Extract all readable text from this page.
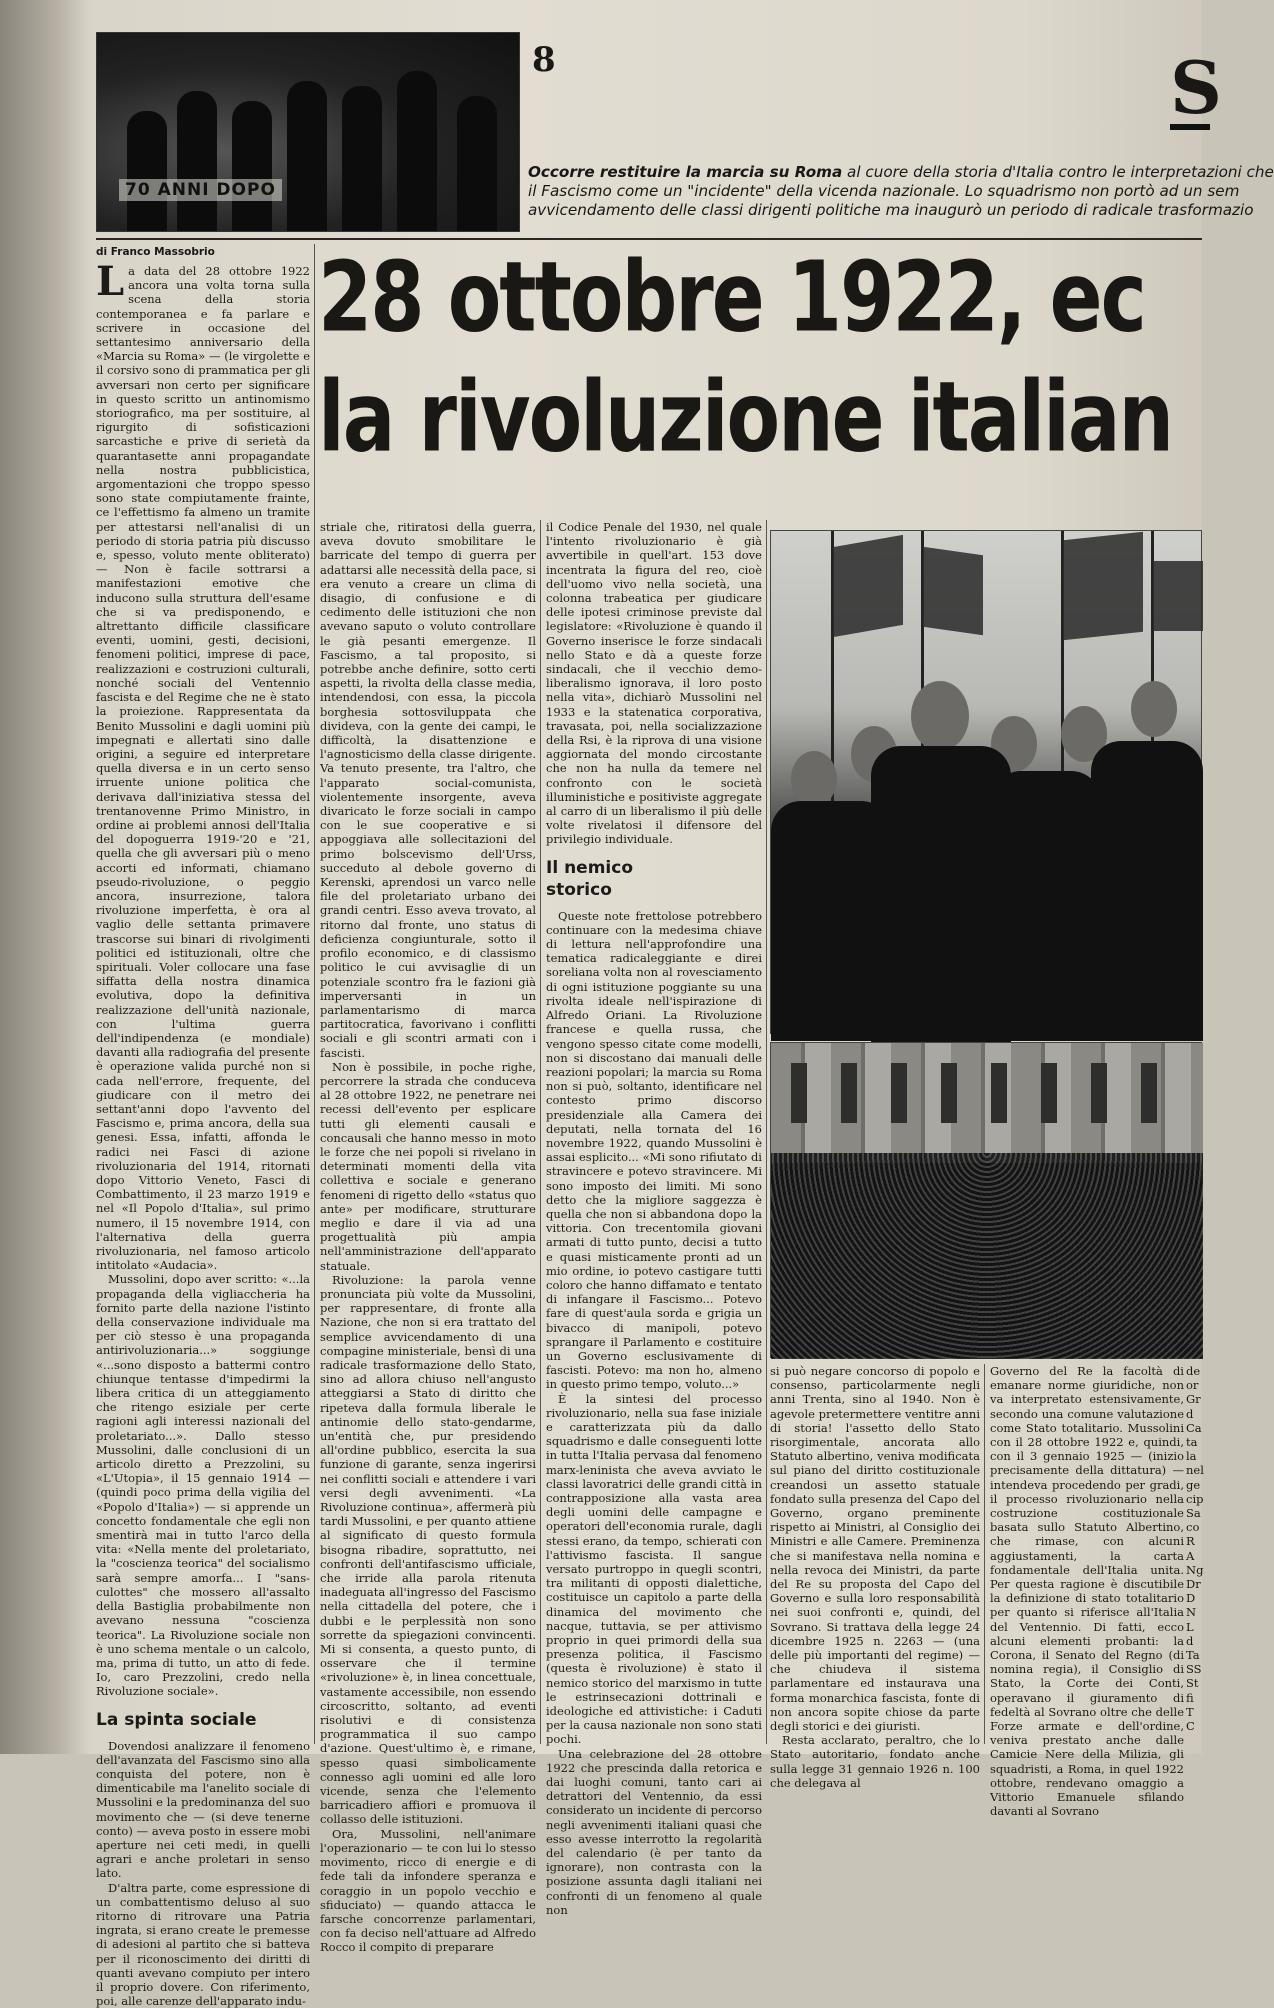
70 ANNI DOPO
8	S
Occorre restituire la marcia su Roma al cuore della storia d'Italia contro le interpretazioni che
il Fascismo come un "incidente" della vicenda nazionale. Lo squadrismo non portò ad un sem
avvicendamento delle classi dirigenti politiche ma inaugurò un periodo di radicale trasformazio
di Franco Massobrio	28 ottobre 1922, ec
la rivoluzione italian

La data del 28 ottobre 1922 ancora una volta torna sulla scena della storia contemporanea e fa parlare e scrivere in occasione del settantesimo anniversario della «Marcia su Roma» — (le virgolette e il corsivo sono di prammatica per gli avversari non certo per significare in questo scritto un antinomismo storiografico, ma per sostituire, al rigurgito di sofisticazioni sarcastiche e prive di serietà da quarantasette anni propagandate nella nostra pubblicistica, argomentazioni che troppo spesso sono state compiutamente frainte, ce l'effettismo fa almeno un tramite per attestarsi nell'analisi di un periodo di storia patria più discusso e, spesso, voluto mente obliterato) — Non è facile sottrarsi a manifestazioni emotive che inducono sulla struttura dell'esame che si va predisponendo, e altrettanto difficile classificare eventi, uomini, gesti, decisioni, fenomeni politici, imprese di pace, realizzazioni e costruzioni culturali, nonché sociali del Ventennio fascista e del Regime che ne è stato la proiezione. Rappresentata da Benito Mussolini e dagli uomini più impegnati e allertati sino dalle origini, a seguire ed interpretare quella diversa e in un certo senso irruente unione politica che derivava dall'iniziativa stessa del trentanovenne Primo Ministro, in ordine ai problemi annosi dell'Italia del dopoguerra 1919-'20 e '21, quella che gli avversari più o meno accorti ed informati, chiamano pseudo-rivoluzione, o peggio ancora, insurrezione, talora rivoluzione imperfetta, è ora al vaglio delle settanta primavere trascorse sui binari di rivolgimenti politici ed istituzionali, oltre che spirituali. Voler collocare una fase siffatta della nostra dinamica evolutiva, dopo la definitiva realizzazione dell'unità nazionale, con l'ultima guerra dell'indipendenza (e mondiale) davanti alla radiografia del presente è operazione valida purché non si cada nell'errore, frequente, del giudicare con il metro dei settant'anni dopo l'avvento del Fascismo e, prima ancora, della sua genesi. Essa, infatti, affonda le radici nei Fasci di azione rivoluzionaria del 1914, ritornati dopo Vittorio Veneto, Fasci di Combattimento, il 23 marzo 1919 e nel «Il Popolo d'Italia», sul primo numero, il 15 novembre 1914, con l'alternativa della guerra rivoluzionaria, nel famoso articolo intitolato «Audacia».

Mussolini, dopo aver scritto: «...la propaganda della vigliaccheria ha fornito parte della nazione l'istinto della conservazione individuale ma per ciò stesso è una propaganda antirivoluzionaria...» soggiunge «...sono disposto a battermi contro chiunque tentasse d'impedirmi la libera critica di un atteggiamento che ritengo esiziale per certe ragioni agli interessi nazionali del proletariato...». Dallo stesso Mussolini, dalle conclusioni di un articolo diretto a Prezzolini, su «L'Utopia», il 15 gennaio 1914 — (quindi poco prima della vigilia del «Popolo d'Italia») — si apprende un concetto fondamentale che egli non smentirà mai in tutto l'arco della vita: «Nella mente del proletariato, la "coscienza teorica" del socialismo sarà sempre amorfa... I "sans-culottes" che mossero all'assalto della Bastiglia probabilmente non avevano nessuna "coscienza teorica". La Rivoluzione sociale non è uno schema mentale o un calcolo, ma, prima di tutto, un atto di fede. Io, caro Prezzolini, credo nella Rivoluzione sociale».

La spinta sociale

Dovendosi analizzare il fenomeno dell'avanzata del Fascismo sino alla conquista del potere, non è dimenticabile ma l'anelito sociale di Mussolini e la predominanza del suo movimento che — (si deve tenerne conto) — aveva posto in essere mobi aperture nei ceti medi, in quelli agrari e anche proletari in senso lato.

D'altra parte, come espressione di un combattentismo deluso al suo ritorno di ritrovare una Patria ingrata, si erano create le premesse di adesioni al partito che si batteva per il riconoscimento dei diritti di quanti avevano compiuto per intero il proprio dovere. Con riferimento, poi, alle carenze dell'apparato indu-

striale che, ritiratosi della guerra, aveva dovuto smobilitare le barricate del tempo di guerra per adattarsi alle necessità della pace, si era venuto a creare un clima di disagio, di confusione e di cedimento delle istituzioni che non avevano saputo o voluto controllare le già pesanti emergenze. Il Fascismo, a tal proposito, si potrebbe anche definire, sotto certi aspetti, la rivolta della classe media, intendendosi, con essa, la piccola borghesia sottosviluppata che divideva, con la gente dei campi, le difficoltà, la disattenzione e l'agnosticismo della classe dirigente. Va tenuto presente, tra l'altro, che l'apparato social-comunista, violentemente insorgente, aveva divaricato le forze sociali in campo con le sue cooperative e si appoggiava alle sollecitazioni del primo bolscevismo dell'Urss, succeduto al debole governo di Kerenski, aprendosi un varco nelle file del proletariato urbano dei grandi centri. Esso aveva trovato, al ritorno dal fronte, uno status di deficienza congiunturale, sotto il profilo economico, e di classismo politico le cui avvisaglie di un potenziale scontro fra le fazioni già imperversanti in un parlamentarismo di marca partitocratica, favorivano i conflitti sociali e gli scontri armati con i fascisti.

Non è possibile, in poche righe, percorrere la strada che conduceva al 28 ottobre 1922, ne penetrare nei recessi dell'evento per esplicare tutti gli elementi causali e concausali che hanno messo in moto le forze che nei popoli si rivelano in determinati momenti della vita collettiva e sociale e generano fenomeni di rigetto dello «status quo ante» per modificare, strutturare meglio e dare il via ad una progettualità più ampia nell'amministrazione dell'apparato statuale.

Rivoluzione: la parola venne pronunciata più volte da Mussolini, per rappresentare, di fronte alla Nazione, che non si era trattato del semplice avvicendamento di una compagine ministeriale, bensì di una radicale trasformazione dello Stato, sino ad allora chiuso nell'angusto atteggiarsi a Stato di diritto che ripeteva dalla formula liberale le antinomie dello stato-gendarme, un'entità che, pur presidendo all'ordine pubblico, esercita la sua funzione di garante, senza ingerirsi nei conflitti sociali e attendere i vari versi degli avvenimenti. «La Rivoluzione continua», affermerà più tardi Mussolini, e per quanto attiene al significato di questo formula bisogna ribadire, soprattutto, nei confronti dell'antifascismo ufficiale, che irride alla parola ritenuta inadeguata all'ingresso del Fascismo nella cittadella del potere, che i dubbi e le perplessità non sono sorrette da spiegazioni convincenti. Mi si consenta, a questo punto, di osservare che il termine «rivoluzione» è, in linea concettuale, vastamente accessibile, non essendo circoscritto, soltanto, ad eventi risolutivi e di consistenza programmatica il suo campo d'azione. Quest'ultimo è, e rimane, spesso quasi simbolicamente connesso agli uomini ed alle loro vicende, senza che l'elemento barricadiero affiori e promuova il collasso delle istituzioni.

Ora, Mussolini, nell'animare l'operazionario — te con lui lo stesso movimento, ricco di energie e di fede tali da infondere speranza e coraggio in un popolo vecchio e sfiduciato) — quando attacca le farsche concorrenze parlamentari, con fa deciso nell'attuare ad Alfredo Rocco il compito di preparare

il Codice Penale del 1930, nel quale l'intento rivoluzionario è già avvertibile in quell'art. 153 dove incentrata la figura del reo, cioè dell'uomo vivo nella società, una colonna trabeatica per giudicare delle ipotesi criminose previste dal legislatore: «Rivoluzione è quando il Governo inserisce le forze sindacali nello Stato e dà a queste forze sindacali, che il vecchio demo-liberalismo ignorava, il loro posto nella vita», dichiarò Mussolini nel 1933 e la statenatica corporativa, travasata, poi, nella socializzazione della Rsi, è la riprova di una visione aggiornata del mondo circostante che non ha nulla da temere nel confronto con le società illuministiche e positiviste aggregate al carro di un liberalismo il più delle volte rivelatosi il difensore del privilegio individuale.

Il nemico
storico

Queste note frettolose potrebbero continuare con la medesima chiave di lettura nell'approfondire una tematica radicaleggiante e direi soreliana volta non al rovesciamento di ogni istituzione poggiante su una rivolta ideale nell'ispirazione di Alfredo Oriani. La Rivoluzione francese e quella russa, che vengono spesso citate come modelli, non si discostano dai manuali delle reazioni popolari; la marcia su Roma non si può, soltanto, identificare nel contesto primo discorso presidenziale alla Camera dei deputati, nella tornata del 16 novembre 1922, quando Mussolini è assai esplicito... «Mi sono rifiutato di stravincere e potevo stravincere. Mi sono imposto dei limiti. Mi sono detto che la migliore saggezza è quella che non si abbandona dopo la vittoria. Con trecentomila giovani armati di tutto punto, decisi a tutto e quasi misticamente pronti ad un mio ordine, io potevo castigare tutti coloro che hanno diffamato e tentato di infangare il Fascismo... Potevo fare di quest'aula sorda e grigia un bivacco di manipoli, potevo sprangare il Parlamento e costituire un Governo esclusivamente di fascisti. Potevo: ma non ho, almeno in questo primo tempo, voluto...»

È la sintesi del processo rivoluzionario, nella sua fase iniziale e caratterizzata più da dallo squadrismo e dalle conseguenti lotte in tutta l'Italia pervasa dal fenomeno marx-leninista che aveva avviato le classi lavoratrici delle grandi città in contrapposizione alla vasta area degli uomini delle campagne e operatori dell'economia rurale, dagli stessi erano, da tempo, schierati con l'attivismo fascista. Il sangue versato purtroppo in quegli scontri, tra militanti di opposti dialettiche, costituisce un capitolo a parte della dinamica del movimento che nacque, tuttavia, se per attivismo proprio in quei primordi della sua presenza politica, il Fascismo (questa è rivoluzione) è stato il nemico storico del marxismo in tutte le estrinsecazioni dottrinali e ideologiche ed attivistiche: i Caduti per la causa nazionale non sono stati pochi.

Una celebrazione del 28 ottobre 1922 che prescinda dalla retorica e dai luoghi comuni, tanto cari ai detrattori del Ventennio, da essi considerato un incidente di percorso negli avvenimenti italiani quasi che esso avesse interrotto la regolarità del calendario (è per tanto da ignorare), non contrasta con la posizione assunta dagli italiani nei confronti di un fenomeno al quale non

si può negare concorso di popolo e consenso, particolarmente negli anni Trenta, sino al 1940. Non è agevole pretermettere ventitre anni di storia! l'assetto dello Stato risorgimentale, ancorata allo Statuto albertino, veniva modificata sul piano del diritto costituzionale creandosi un assetto statuale fondato sulla presenza del Capo del Governo, organo preminente rispetto ai Ministri, al Consiglio dei Ministri e alle Camere. Preminenza che si manifestava nella nomina e nella revoca dei Ministri, da parte del Re su proposta del Capo del Governo e sulla loro responsabilità nei suoi confronti e, quindi, del Sovrano. Si trattava della legge 24 dicembre 1925 n. 2263 — (una delle più importanti del regime) — che chiudeva il sistema parlamentare ed instaurava una forma monarchica fascista, fonte di non ancora sopite chiose da parte degli storici e dei giuristi.

Resta acclarato, peraltro, che lo Stato autoritario, fondato anche sulla legge 31 gennaio 1926 n. 100 che delegava al

Governo del Re la facoltà di emanare norme giuridiche, non va interpretato estensivamente, secondo una comune valutazione come Stato totalitario. Mussolini con il 28 ottobre 1922 e, quindi, con il 3 gennaio 1925 — (inizio precisamente della dittatura) — intendeva procedendo per gradi, il processo rivoluzionario nella costruzione costituzionale basata sullo Statuto Albertino, che rimase, con alcuni aggiustamenti, la carta fondamentale dell'Italia unita. Per questa ragione è discutibile la definizione di stato totalitario per quanto si riferisce all'Italia del Ventennio. Di fatti, ecco alcuni elementi probanti: la Corona, il Senato del Regno (di nomina regia), il Consiglio di Stato, la Corte dei Conti, operavano il giuramento di fedeltà al Sovrano oltre che delle Forze armate e dell'ordine, veniva prestato anche dalle Camicie Nere della Milizia, gli squadristi, a Roma, in quel 1922 ottobre, rendevano omaggio a Vittorio Emanuele sfilando davanti al Sovrano

de
or
Gr
d
Ca
ta
la
nel
ge
cip
Sa
co
R
A
Ng
Dr
D
N
L
d
Ta
SS
St
fi
T
C
